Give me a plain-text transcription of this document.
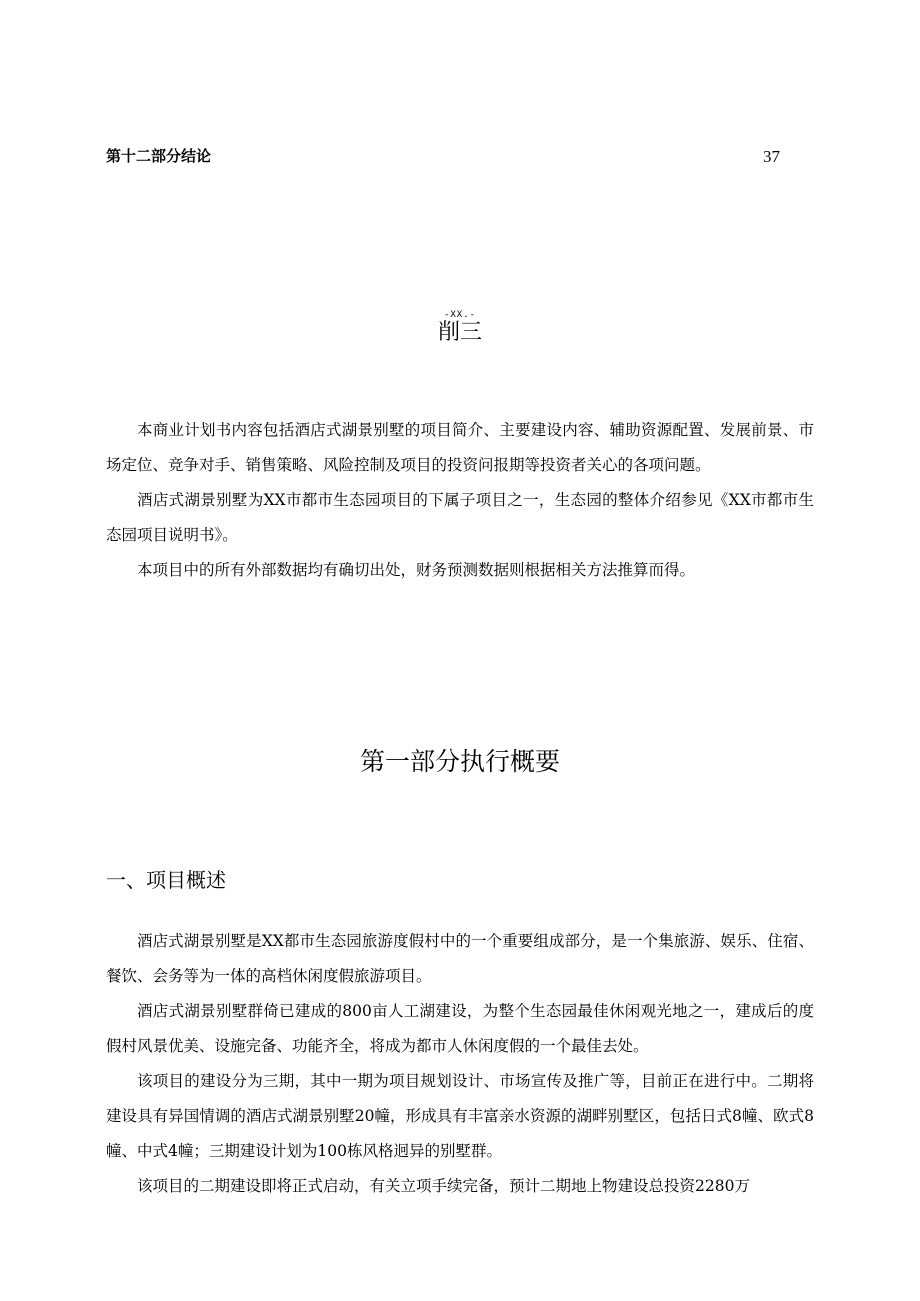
第十二部分结论	37
-XX.-
削三

本商业计划书内容包括酒店式湖景别墅的项目简介、主要建设内容、辅助资源配置、发展前景、市场定位、竞争对手、销售策略、风险控制及项目的投资问报期等投资者关心的各项问题。

酒店式湖景别墅为XX市都市生态园项目的下属子项目之一，生态园的整体介绍参见《XX市都市生态园项目说明书》。

本项目中的所有外部数据均有确切出处，财务预测数据则根据相关方法推算而得。

第一部分执行概要
一、项目概述

酒店式湖景别墅是XX都市生态园旅游度假村中的一个重要组成部分，是一个集旅游、娱乐、住宿、餐饮、会务等为一体的高档休闲度假旅游项目。

酒店式湖景别墅群倚已建成的800亩人工湖建设，为整个生态园最佳休闲观光地之一，建成后的度假村风景优美、设施完备、功能齐全，将成为都市人休闲度假的一个最佳去处。

该项目的建设分为三期，其中一期为项目规划设计、市场宣传及推广等，目前正在进行中。二期将建设具有异国情调的酒店式湖景别墅20幢，形成具有丰富亲水资源的湖畔别墅区，包括日式8幢、欧式8幢、中式4幢；三期建设计划为100栋风格迥异的别墅群。

该项目的二期建设即将正式启动，有关立项手续完备，预计二期地上物建设总投资2280万
